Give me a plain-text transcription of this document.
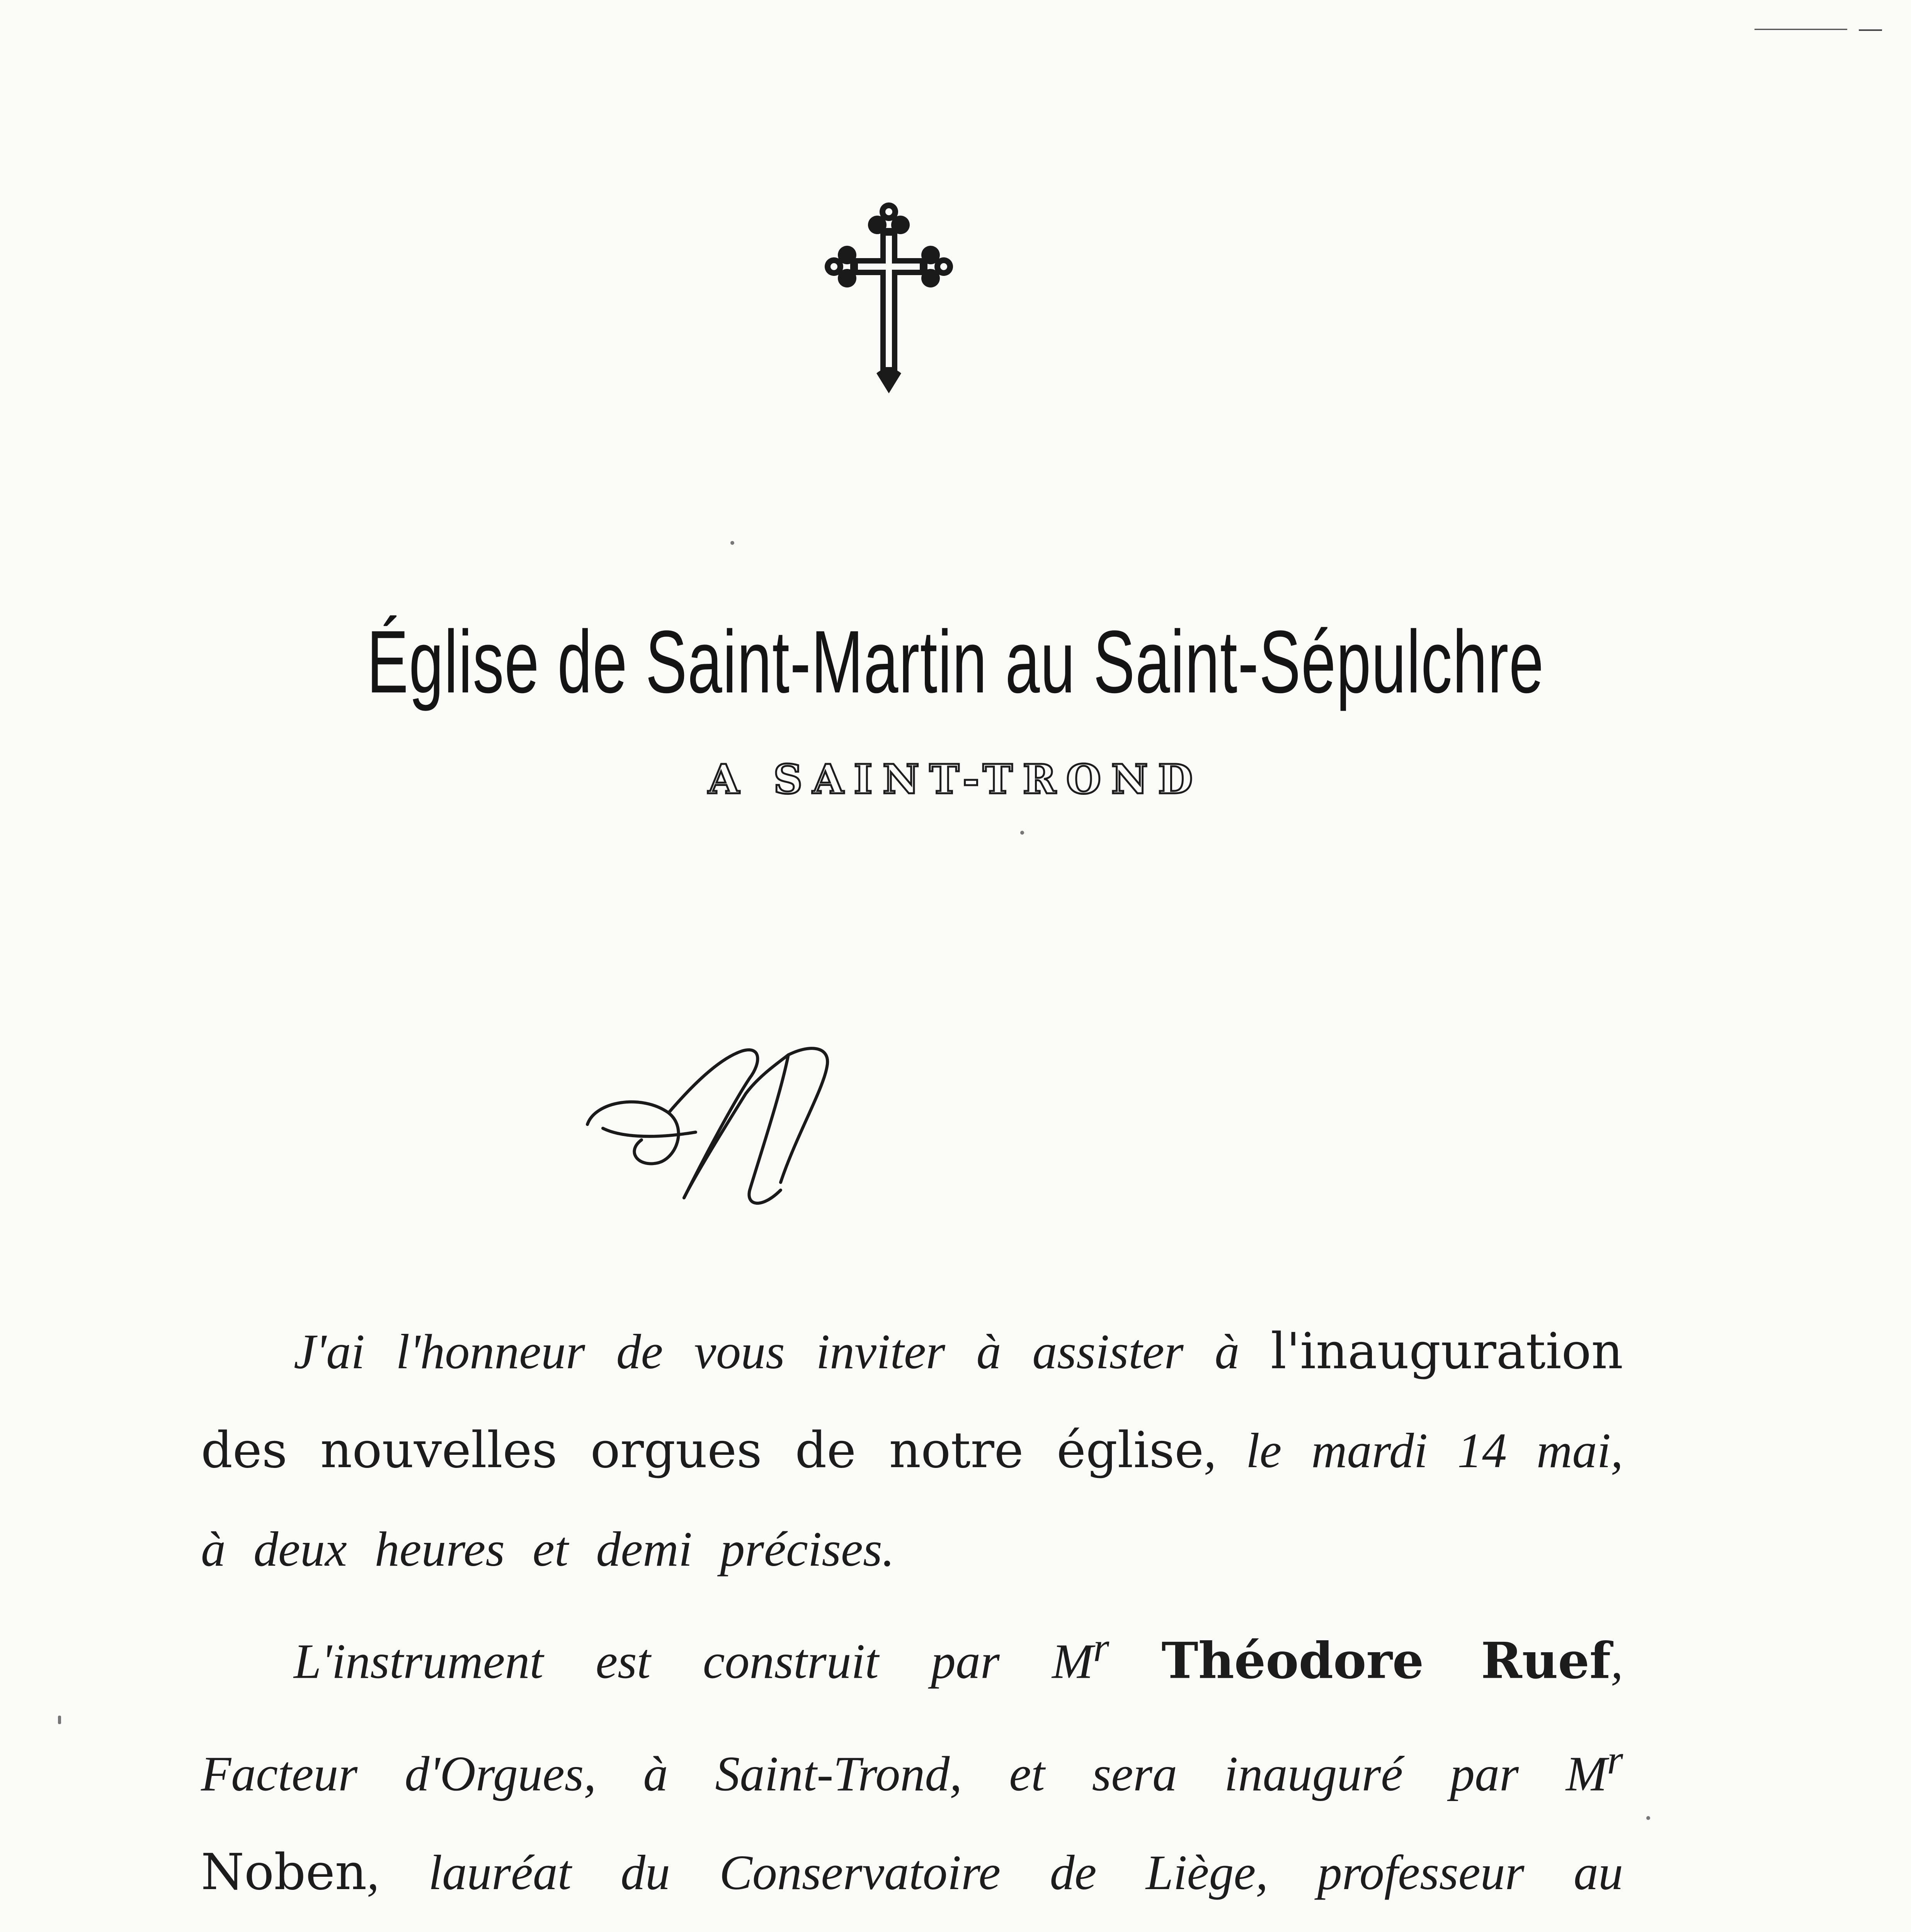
Église de Saint-Martin au Saint-Sépulchre
A SAINT-TROND
M

J'ai l'honneur de vous inviter à assister à l'inauguration des nouvelles orgues de notre église, le mardi 14 mai, à deux heures et demi précises.

L'instrument est construit par $M^r$ Théodore Ruef, Facteur d'Orgues, à Saint-Trond, et sera inauguré par $M^r$ Noben, lauréat du Conservatoire de Liège, professeur au
